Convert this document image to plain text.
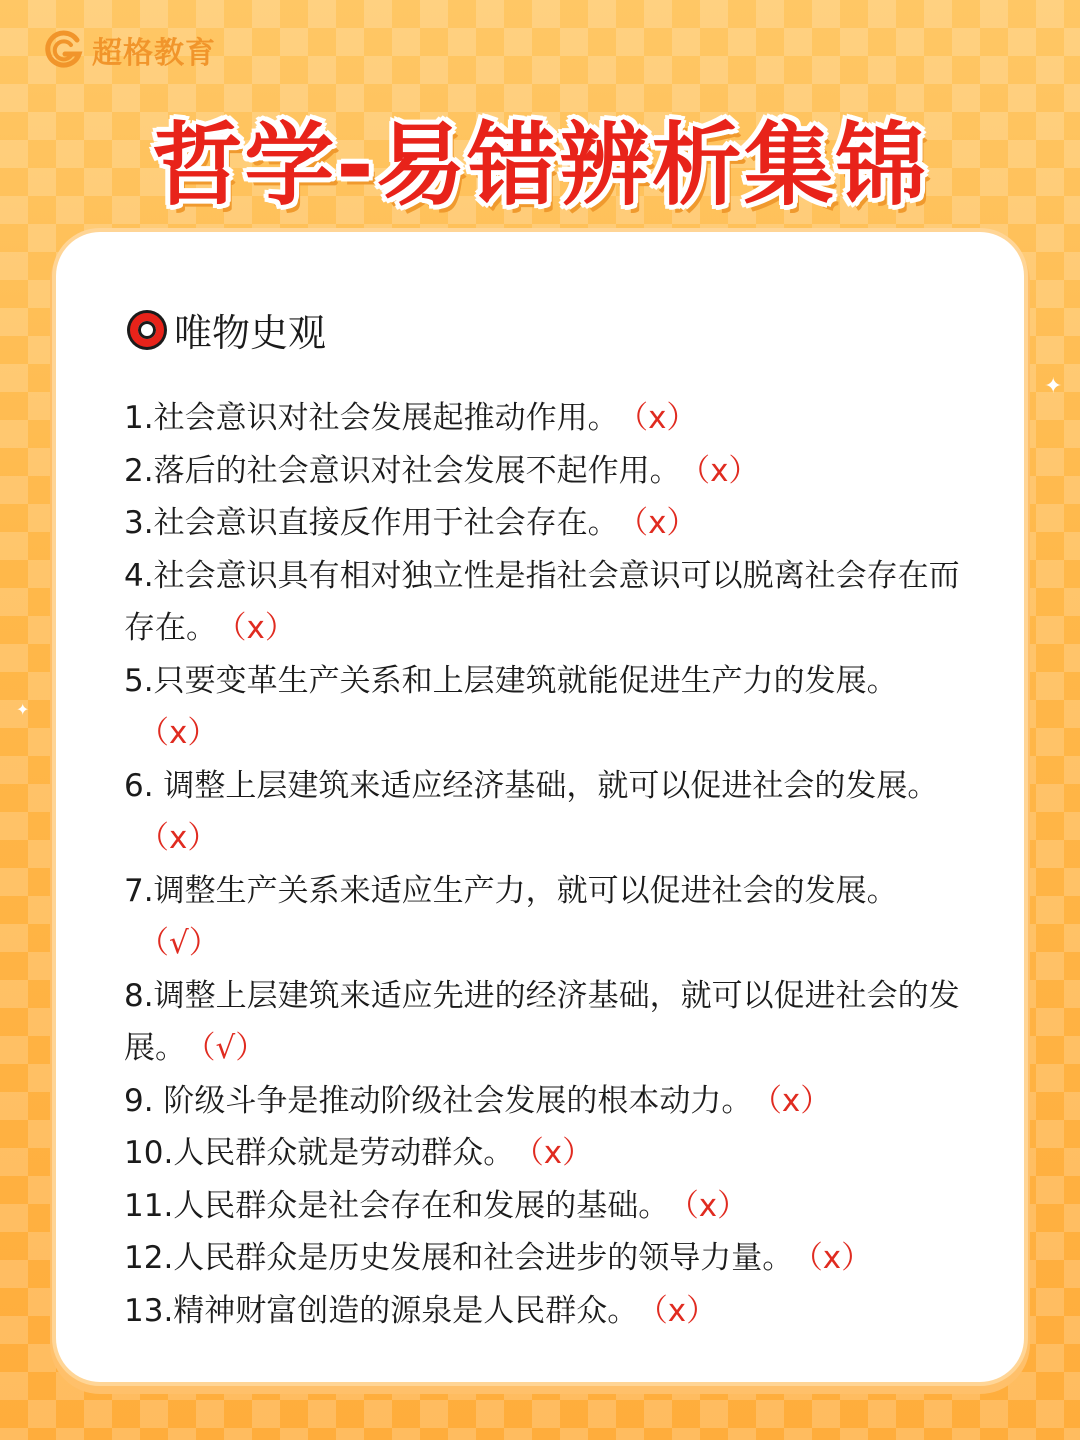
超格教育
哲学-易错辨析集锦
唯物史观

1.社会意识对社会发展起推动作用。 （x）

2.落后的社会意识对社会发展不起作用。 （x）

3.社会意识直接反作用于社会存在。 （x）

4.社会意识具有相对独立性是指社会意识可以脱离社会存在而存在。 （x）

5.只要变革生产关系和上层建筑就能促进生产力的发展。（x）

6. 调整上层建筑来适应经济基础，就可以促进社会的发展。（x）

7.调整生产关系来适应生产力，就可以促进社会的发展。（√）

8.调整上层建筑来适应先进的经济基础，就可以促进社会的发展。 （√）

9. 阶级斗争是推动阶级社会发展的根本动力。 （x）

10.人民群众就是劳动群众。 （x）

11.人民群众是社会存在和发展的基础。 （x）

12.人民群众是历史发展和社会进步的领导力量。 （x）

13.精神财富创造的源泉是人民群众。 （x）

✦
✦
